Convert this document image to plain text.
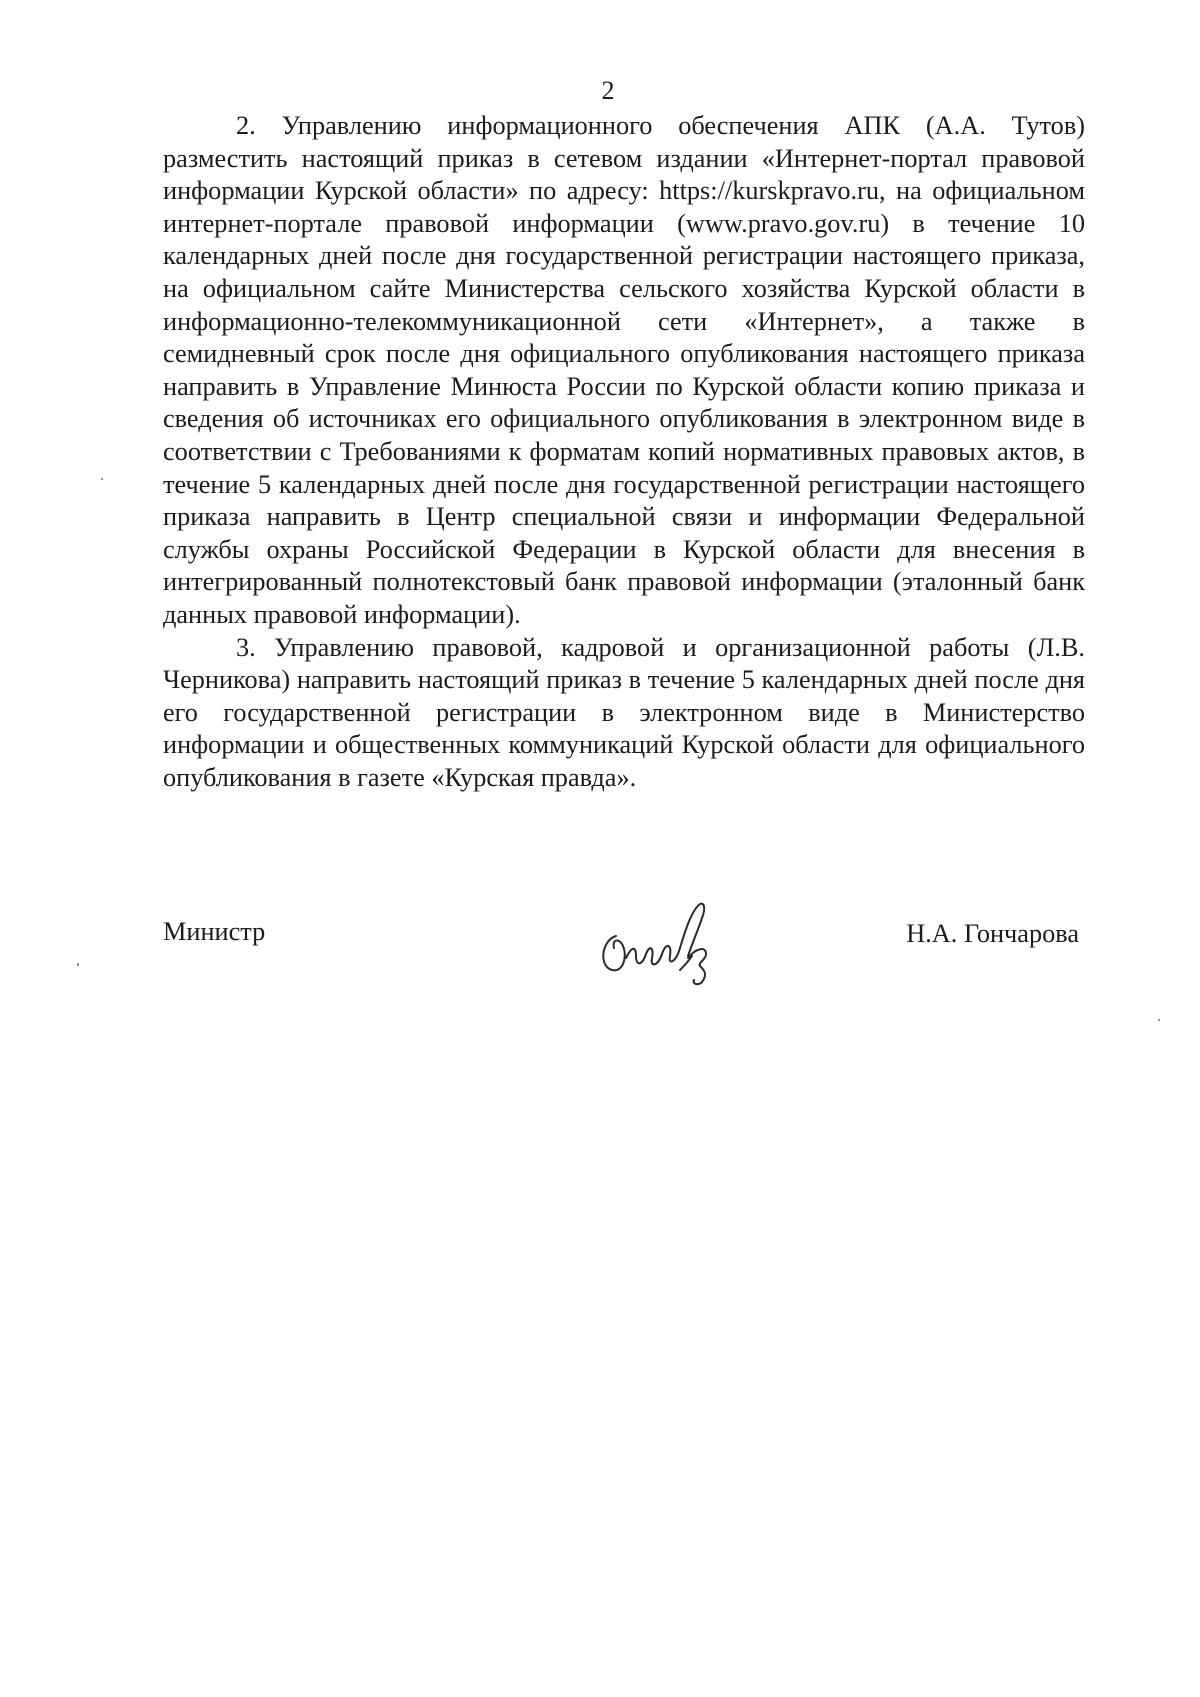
2

2. Управлению информационного обеспечения АПК (А.А. Тутов) разместить настоящий приказ в сетевом издании «Интернет-портал правовой информации Курской области» по адресу: https://kurskpravo.ru, на официальном интернет-портале правовой информации (www.pravo.gov.ru) в течение 10 календарных дней после дня государственной регистрации настоящего приказа, на официальном сайте Министерства сельского хозяйства Курской области в информационно-телекоммуникационной сети «Интернет», а также в семидневный срок после дня официального опубликования настоящего приказа направить в Управление Минюста России по Курской области копию приказа и сведения об источниках его официального опубликования в электронном виде в соответствии с Требованиями к форматам копий нормативных правовых актов, в течение 5 календарных дней после дня государственной регистрации настоящего приказа направить в Центр специальной связи и информации Федеральной службы охраны Российской Федерации в Курской области для внесения в интегрированный полнотекстовый банк правовой информации (эталонный банк данных правовой информации).

3. Управлению правовой, кадровой и организационной работы (Л.В. Черникова) направить настоящий приказ в течение 5 календарных дней после дня его государственной регистрации в электронном виде в Министерство информации и общественных коммуникаций Курской области для официального опубликования в газете «Курская правда».

Министр	Н.А. Гончарова
